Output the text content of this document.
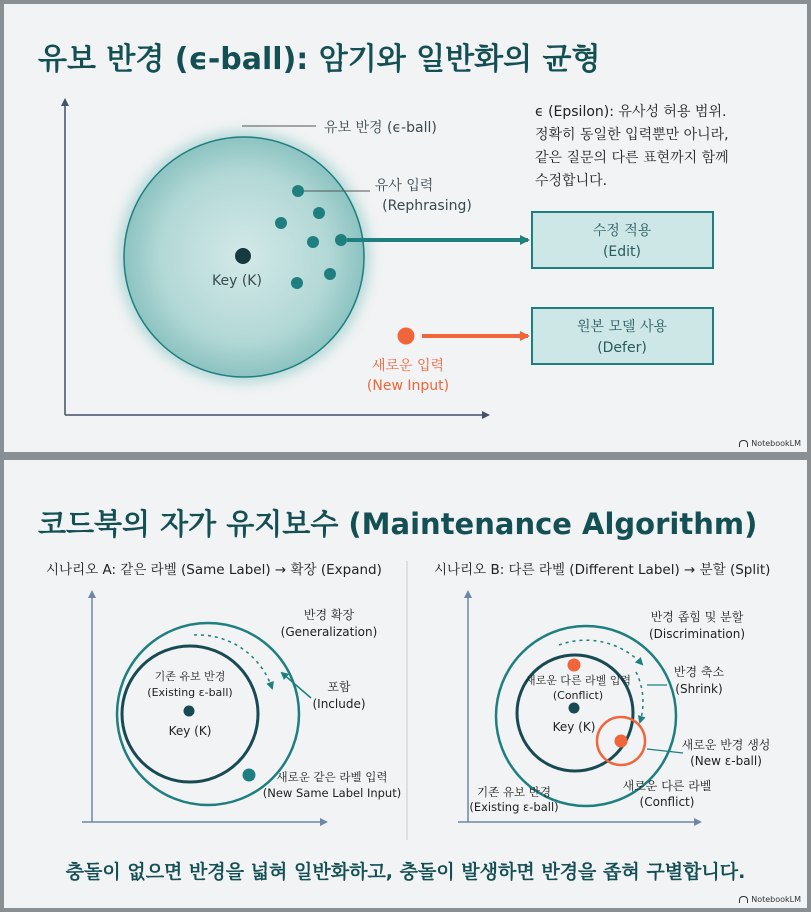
유보 반경 (ϵ-ball): 암기와 일반화의 균형
유보 반경 (ϵ-ball)
Key (K)
유사 입력
(Rephrasing)
수정 적용
(Edit)
원본 모델 사용
(Defer)
새로운 입력
(New Input)
ϵ (Epsilon): 유사성 허용 범위.
정확히 동일한 입력뿐만 아니라,
같은 질문의 다른 표현까지 함께
수정합니다.
NotebookLM
코드북의 자가 유지보수 (Maintenance Algorithm)
시나리오 A: 같은 라벨 (Same Label) → 확장 (Expand)
Key (K)
기존 유보 반경
(Existing ε-ball)
반경 확장
(Generalization)
포함
(Include)
새로운 같은 라벨 입력
(New Same Label Input)
시나리오 B: 다른 라벨 (Different Label) → 분할 (Split)
새로운 다른 라벨 입력
(Conflict)
Key (K)
반경 좁힘 및 분할
(Discrimination)
반경 축소
(Shrink)
새로운 반경 생성
(New ε-ball)
기존 유보 반경
(Existing ε-ball)
새로운 다른 라벨
(Conflict)

충돌이 없으면 반경을 넓혀 일반화하고, 충돌이 발생하면 반경을 좁혀 구별합니다.

NotebookLM
